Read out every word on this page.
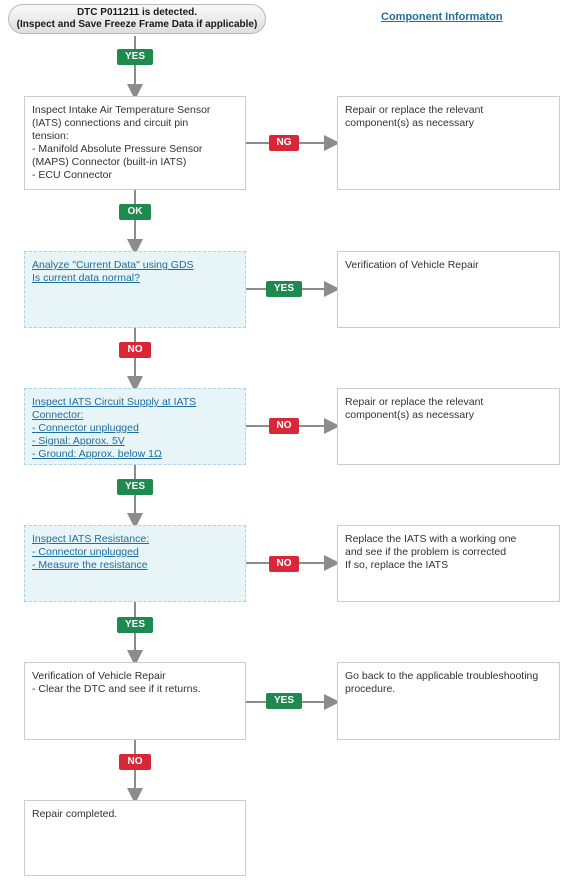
DTC P011211 is detected.
(Inspect and Save Freeze Frame Data if applicable)
Component Informaton
Inspect Intake Air Temperature Sensor
(IATS) connections and circuit pin
tension:
- Manifold Absolute Pressure Sensor
(MAPS) Connector (built-in IATS)
- ECU Connector
Analyze "Current Data" using GDS
Is current data normal?
Inspect IATS Circuit Supply at IATS
Connector:
- Connector unplugged
- Signal: Approx. 5V
- Ground: Approx. below 1Ω
Inspect IATS Resistance:
- Connector unplugged
- Measure the resistance
Verification of Vehicle Repair
- Clear the DTC and see if it returns.
Repair completed.
Repair or replace the relevant
component(s) as necessary
Verification of Vehicle Repair
Repair or replace the relevant
component(s) as necessary
Replace the IATS with a working one
and see if the problem is corrected
If so, replace the IATS
Go back to the applicable troubleshooting
procedure.
YES
OK
NO
YES
YES
NO
NG
YES
NO
NO
YES
